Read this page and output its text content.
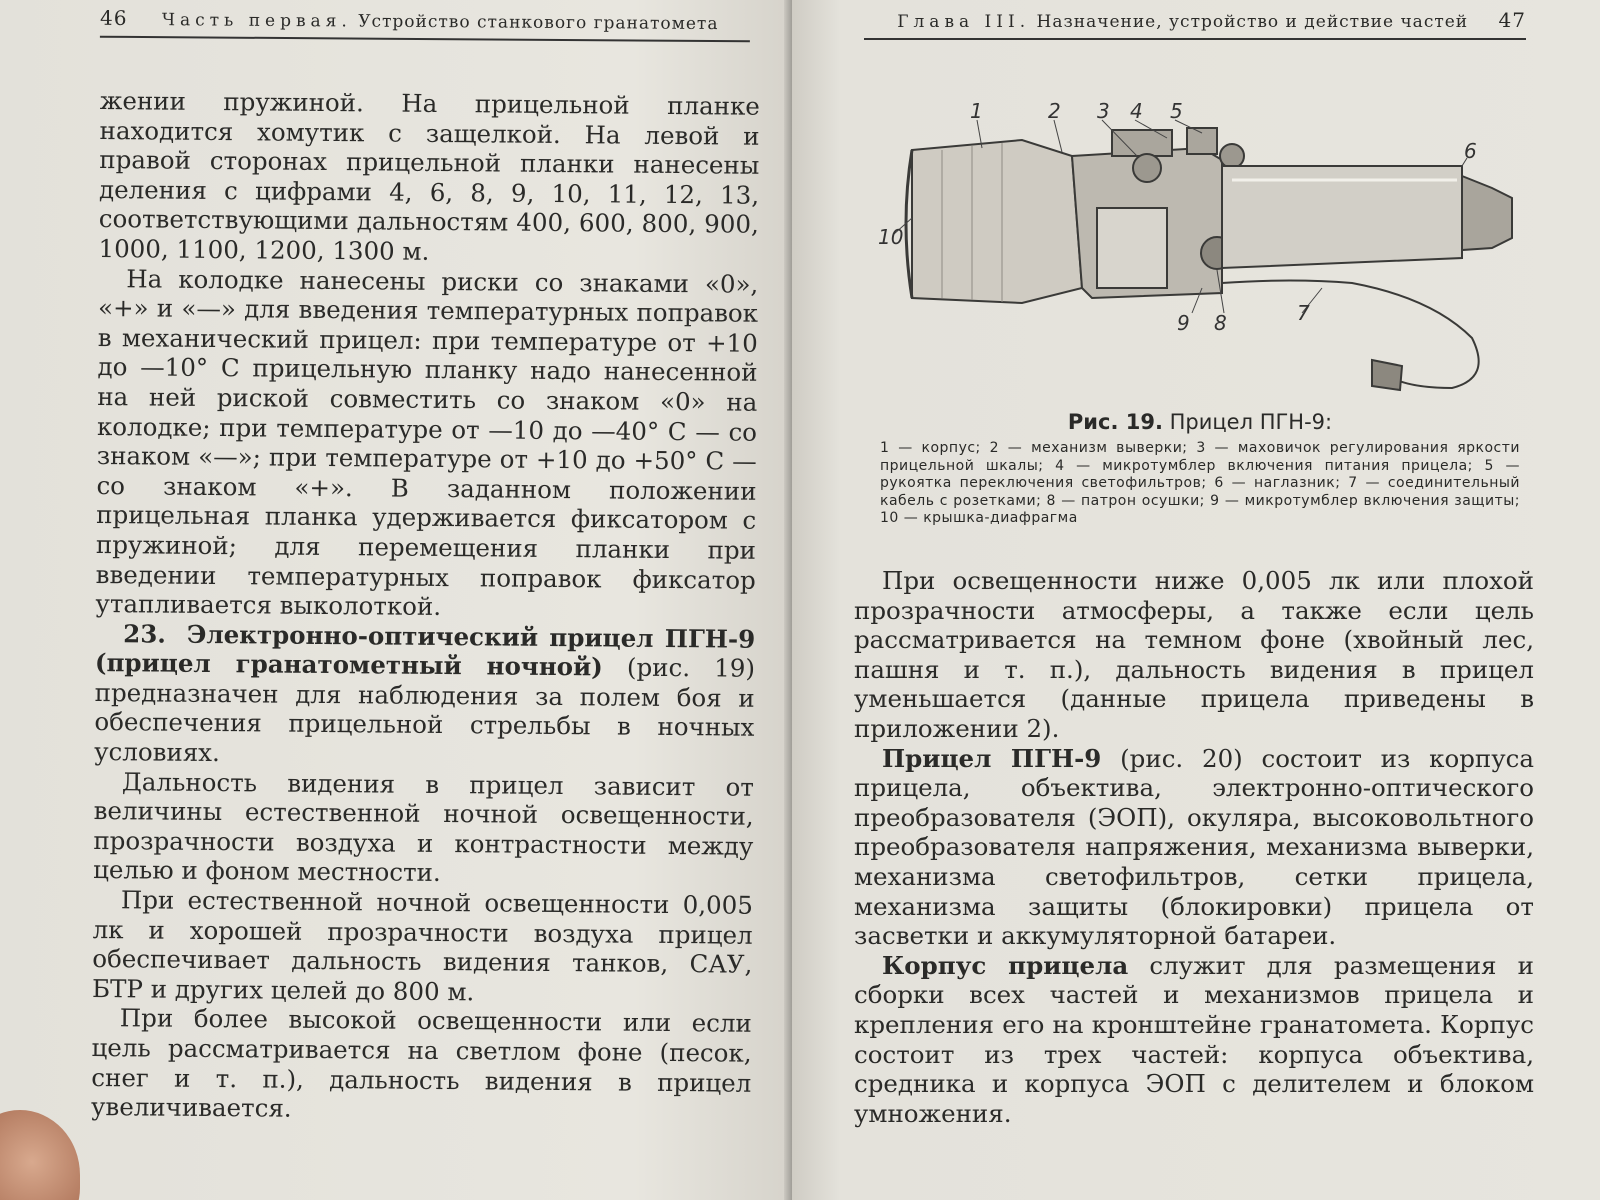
46 Часть первая. Устройство станкового гранатомета

жении пружиной. На прицельной планке находится хомутик с защелкой. На левой и правой сторонах прицельной планки нанесены деления с цифрами 4, 6, 8, 9, 10, 11, 12, 13, соответствующими дальностям 400, 600, 800, 900, 1000, 1100, 1200, 1300 м.

На колодке нанесены риски со знаками «0», «+» и «—» для введения температурных поправок в механический прицел: при температуре от +10 до —10° С прицельную планку надо нанесенной на ней риской совместить со знаком «0» на колодке; при температуре от —10 до —40° С — со знаком «—»; при температуре от +10 до +50° С — со знаком «+». В заданном положении прицельная планка удерживается фиксатором с пружиной; для перемещения планки при введении температурных поправок фиксатор утапливается выколоткой.

23. Электронно-оптический прицел ПГН-9 (прицел гранатометный ночной) (рис. 19) предназначен для наблюдения за полем боя и обеспечения прицельной стрельбы в ночных условиях.

Дальность видения в прицел зависит от величины естественной ночной освещенности, прозрачности воздуха и контрастности между целью и фоном местности.

При естественной ночной освещенности 0,005 лк и хорошей прозрачности воздуха прицел обеспечивает дальность видения танков, САУ, БТР и других целей до 800 м.

При более высокой освещенности или если цель рассматривается на светлом фоне (песок, снег и т. п.), дальность видения в прицел увеличивается.

Глава III. Назначение, устройство и действие частей 47
1	2 3 4 5
6
7
8
9
10
Рис. 19. Прицел ПГН-9:
1 — корпус; 2 — механизм выверки; 3 — маховичок регулирования яркости прицельной шкалы; 4 — микротумблер включения питания прицела; 5 — рукоятка переключения светофильтров; 6 — наглазник; 7 — соединительный кабель с розетками; 8 — патрон осушки; 9 — микротумблер включения защиты; 10 — крышка-диафрагма

При освещенности ниже 0,005 лк или плохой прозрачности атмосферы, а также если цель рассматривается на темном фоне (хвойный лес, пашня и т. п.), дальность видения в прицел уменьшается (данные прицела приведены в приложении 2).

Прицел ПГН-9 (рис. 20) состоит из корпуса прицела, объектива, электронно-оптического преобразователя (ЭОП), окуляра, высоковольтного преобразователя напряжения, механизма выверки, механизма светофильтров, сетки прицела, механизма защиты (блокировки) прицела от засветки и аккумуляторной батареи.

Корпус прицела служит для размещения и сборки всех частей и механизмов прицела и крепления его на кронштейне гранатомета. Корпус состоит из трех частей: корпуса объектива, средника и корпуса ЭОП с делителем и блоком умножения.
